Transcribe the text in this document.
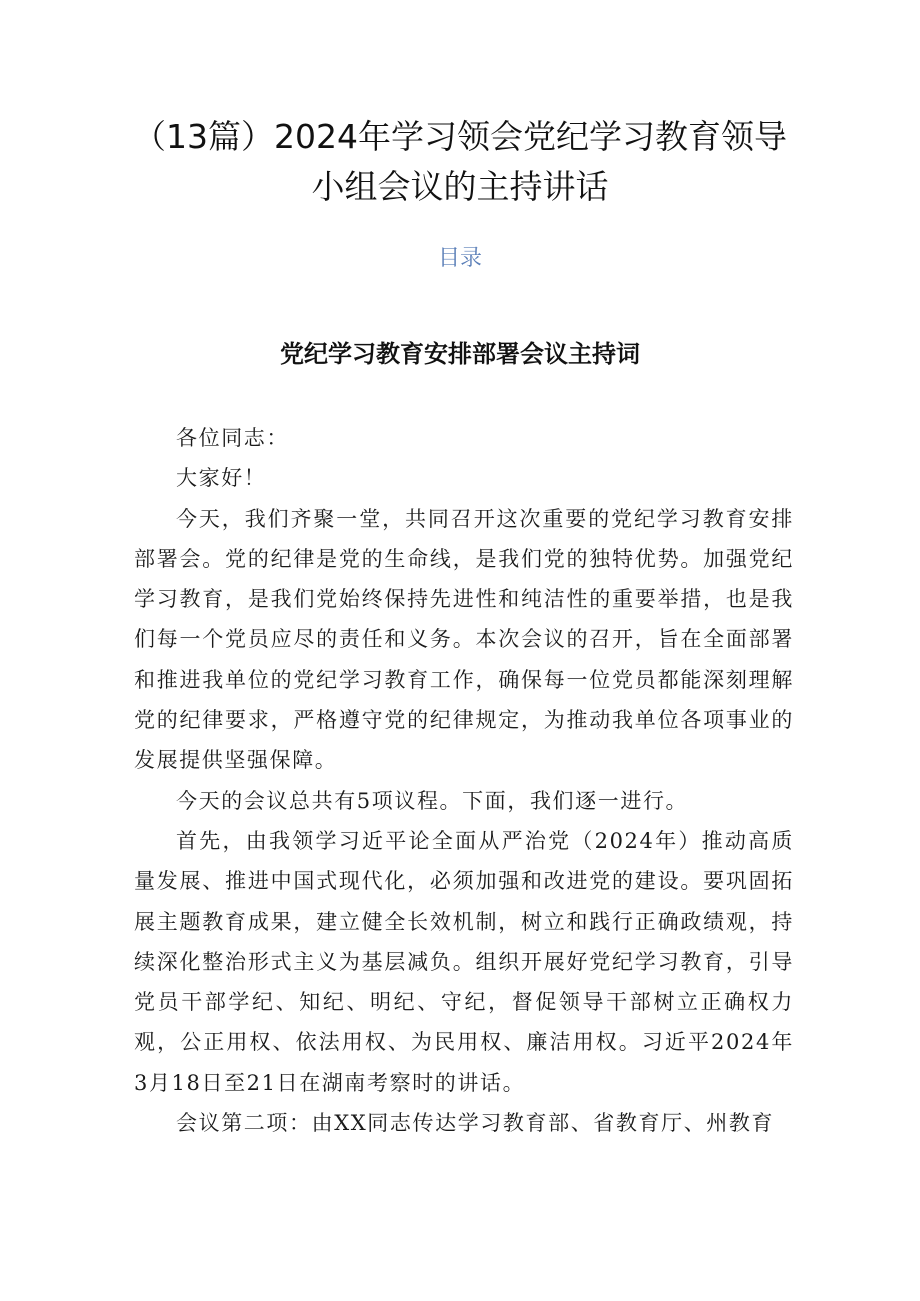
（13篇）2024年学习领会党纪学习教育领导小组会议的主持讲话
目录
党纪学习教育安排部署会议主持词

各位同志：

大家好！

今天，我们齐聚一堂，共同召开这次重要的党纪学习教育安排部署会。党的纪律是党的生命线，是我们党的独特优势。加强党纪学习教育，是我们党始终保持先进性和纯洁性的重要举措，也是我们每一个党员应尽的责任和义务。本次会议的召开，旨在全面部署和推进我单位的党纪学习教育工作，确保每一位党员都能深刻理解党的纪律要求，严格遵守党的纪律规定，为推动我单位各项事业的发展提供坚强保障。

今天的会议总共有5项议程。下面，我们逐一进行。

首先，由我领学习近平论全面从严治党（2024年）推动高质量发展、推进中国式现代化，必须加强和改进党的建设。要巩固拓展主题教育成果，建立健全长效机制，树立和践行正确政绩观，持续深化整治形式主义为基层减负。组织开展好党纪学习教育，引导党员干部学纪、知纪、明纪、守纪，督促领导干部树立正确权力观，公正用权、依法用权、为民用权、廉洁用权。习近平2024年3月18日至21日在湖南考察时的讲话。

会议第二项：由XX同志传达学习教育部、省教育厅、州教育
